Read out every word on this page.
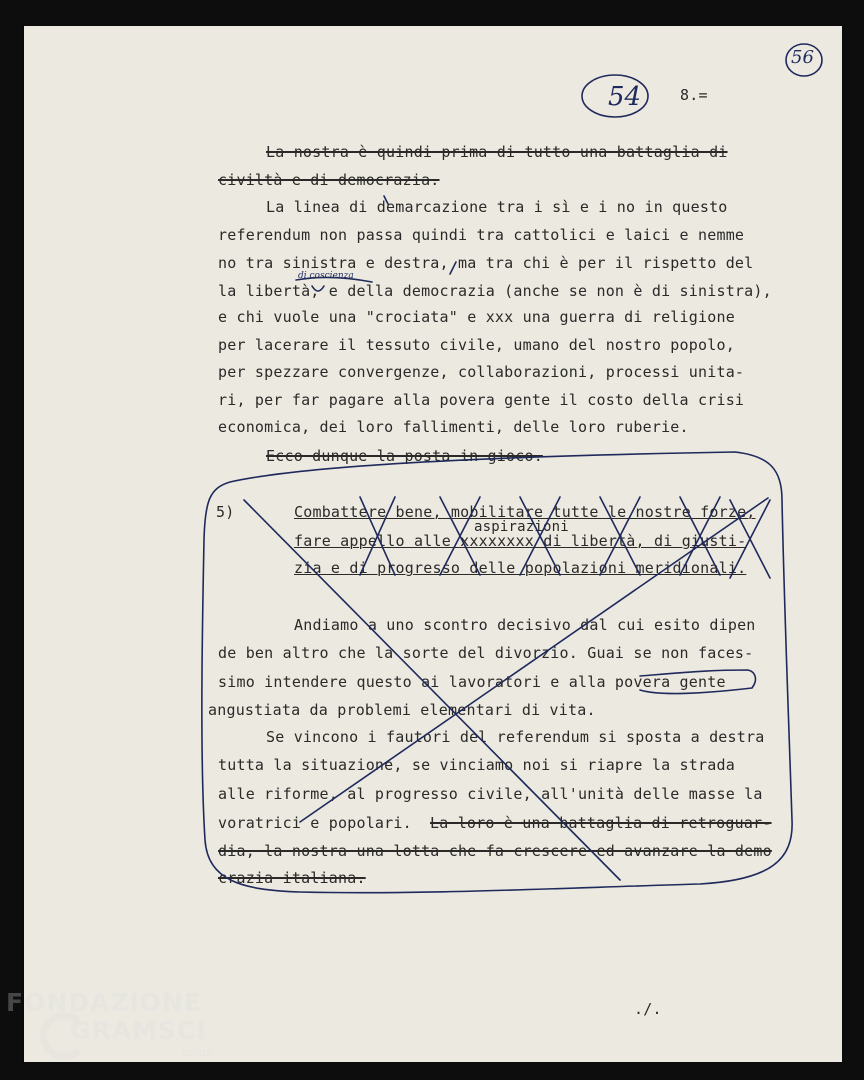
8.=
La nostra è quindi prima di tutto una battaglia di
civiltà e di democrazia.
La linea di demarcazione tra i sì e i no in questo
referendum non passa quindi tra cattolici e laici e nemme
no tra sinistra e destra, ma tra chi è per il rispetto del
la libertà, e della democrazia (anche se non è di sinistra),
e chi vuole una "crociata" e xxx una guerra di religione
per lacerare il tessuto civile, umano del nostro popolo,
per spezzare convergenze, collaborazioni, processi unita-
ri, per far pagare alla povera gente il costo della crisi
economica, dei loro fallimenti, delle loro ruberie.
Ecco dunque la posta in gioco.
5)
aspirazioni
Combattere bene, mobilitare tutte le nostre forze,
fare appello alle xxxxxxxx di libertà, di giusti-
zia e di progresso delle popolazioni meridionali.
Andiamo a uno scontro decisivo dal cui esito dipen
de ben altro che la sorte del divorzio. Guai se non faces-
simo intendere questo ai lavoratori e alla povera gente
angustiata da problemi elementari di vita.
Se vincono i fautori del referendum si sposta a destra
tutta la situazione, se vinciamo noi si riapre la strada
alle riforme, al progresso civile, all'unità delle masse la
voratrici e popolari. La loro è una battaglia di retroguar-
dia, la nostra una lotta che fa crescere ed avanzare la demo
crazia italiana.
./.
54
56
di coscienza
FONDAZIONE
GRAMSCI
onlus
